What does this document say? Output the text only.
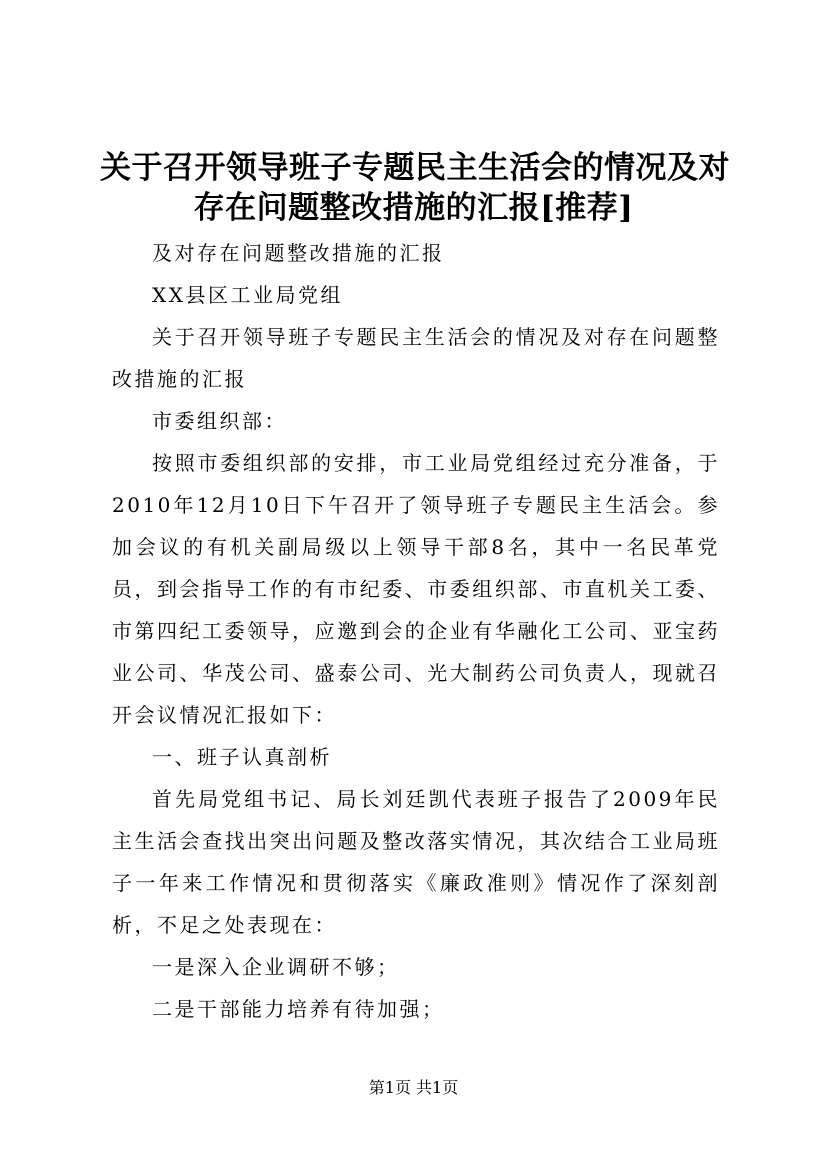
关于召开领导班子专题民主生活会的情况及对
存在问题整改措施的汇报[推荐]

及对存在问题整改措施的汇报

XX县区工业局党组

关于召开领导班子专题民主生活会的情况及对存在问题整改措施的汇报

市委组织部：

按照市委组织部的安排，市工业局党组经过充分准备，于2010年12月10日下午召开了领导班子专题民主生活会。参加会议的有机关副局级以上领导干部8名，其中一名民革党员，到会指导工作的有市纪委、市委组织部、市直机关工委、市第四纪工委领导，应邀到会的企业有华融化工公司、亚宝药业公司、华茂公司、盛泰公司、光大制药公司负责人，现就召开会议情况汇报如下：

一、班子认真剖析

首先局党组书记、局长刘廷凯代表班子报告了2009年民主生活会查找出突出问题及整改落实情况，其次结合工业局班子一年来工作情况和贯彻落实《廉政准则》情况作了深刻剖析，不足之处表现在：

一是深入企业调研不够；

二是干部能力培养有待加强；

第1页 共1页
